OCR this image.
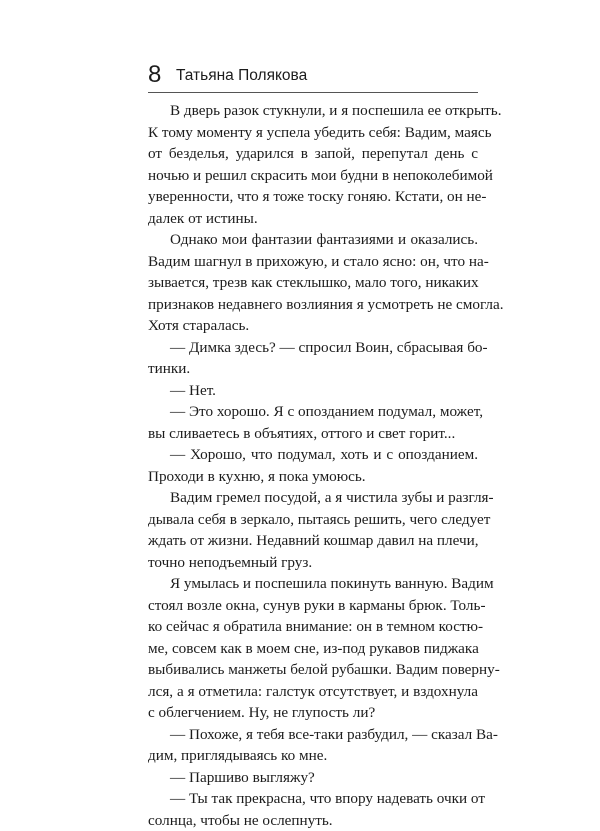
8 Татьяна Полякова
В дверь разок стукнули, и я поспешила ее открыть.
К тому моменту я успела убедить себя: Вадим, маясь
от безделья, ударился в запой, перепутал день с
ночью и решил скрасить мои будни в непоколебимой
уверенности, что я тоже тоску гоняю. Кстати, он не-
далек от истины.
Однако мои фантазии фантазиями и оказались.
Вадим шагнул в прихожую, и стало ясно: он, что на-
зывается, трезв как стеклышко, мало того, никаких
признаков недавнего возлияния я усмотреть не смогла.
Хотя старалась.
— Димка здесь? — спросил Воин, сбрасывая бо-
тинки.
— Нет.
— Это хорошо. Я с опозданием подумал, может,
вы сливаетесь в объятиях, оттого и свет горит...
— Хорошо, что подумал, хоть и с опозданием.
Проходи в кухню, я пока умоюсь.
Вадим гремел посудой, а я чистила зубы и разгля-
дывала себя в зеркало, пытаясь решить, чего следует
ждать от жизни. Недавний кошмар давил на плечи,
точно неподъемный груз.
Я умылась и поспешила покинуть ванную. Вадим
стоял возле окна, сунув руки в карманы брюк. Толь-
ко сейчас я обратила внимание: он в темном костю-
ме, совсем как в моем сне, из-под рукавов пиджака
выбивались манжеты белой рубашки. Вадим поверну-
лся, а я отметила: галстук отсутствует, и вздохнула
с облегчением. Ну, не глупость ли?
— Похоже, я тебя все-таки разбудил, — сказал Ва-
дим, приглядываясь ко мне.
— Паршиво выгляжу?
— Ты так прекрасна, что впору надевать очки от
солнца, чтобы не ослепнуть.
